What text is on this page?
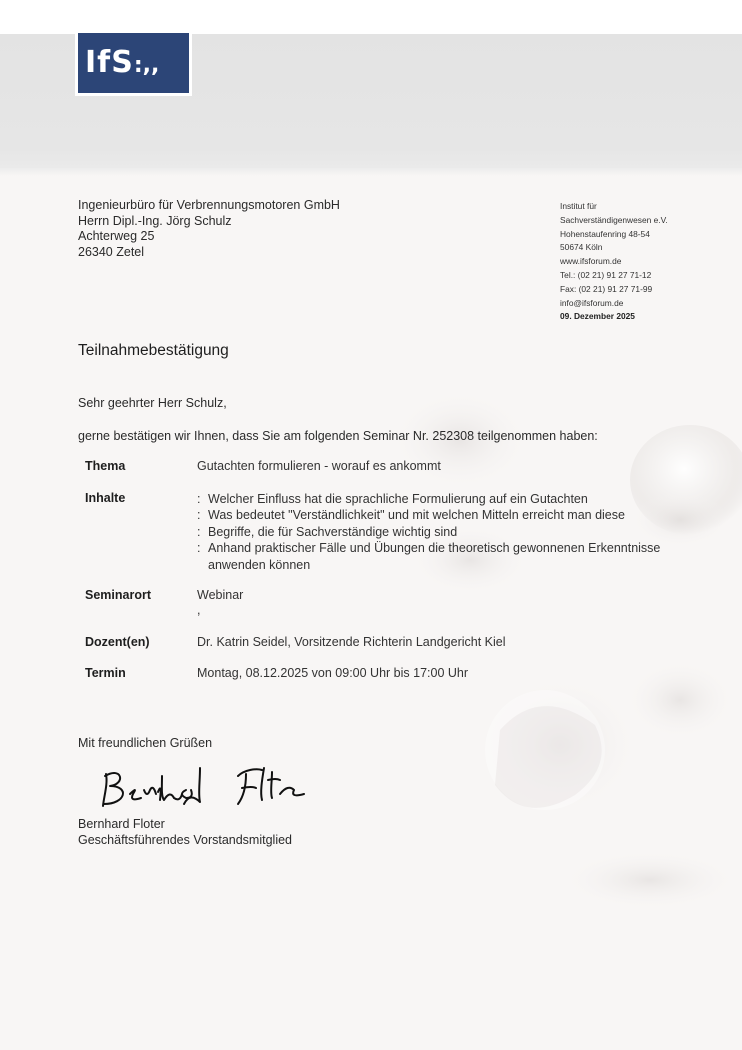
IfS:,,
Ingenieurbüro für Verbrennungsmotoren GmbH
Herrn Dipl.-Ing. Jörg Schulz
Achterweg 25
26340 Zetel
Institut für
Sachverständigenwesen e.V.
Hohenstaufenring 48-54
50674 Köln
www.ifsforum.de
Tel.: (02 21) 91 27 71-12
Fax: (02 21) 91 27 71-99
info@ifsforum.de
09. Dezember 2025
Teilnahmebestätigung
Sehr geehrter Herr Schulz,
gerne bestätigen wir Ihnen, dass Sie am folgenden Seminar Nr. 252308 teilgenommen haben:
Thema	Gutachten formulieren - worauf es ankommt
Inhalte	: Welcher Einfluss hat die sprachliche Formulierung auf ein Gutachten
: Was bedeutet "Verständlichkeit" und mit welchen Mitteln erreicht man diese
: Begriffe, die für Sachverständige wichtig sind
: Anhand praktischer Fälle und Übungen die theoretisch gewonnenen Erkenntnisse
anwenden können
Seminarort	Webinar
,
Dozent(en)	Dr. Katrin Seidel, Vorsitzende Richterin Landgericht Kiel
Termin	Montag, 08.12.2025 von 09:00 Uhr bis 17:00 Uhr
Mit freundlichen Grüßen
Bernhard Floter
Bernhard Floter
Geschäftsführendes Vorstandsmitglied
